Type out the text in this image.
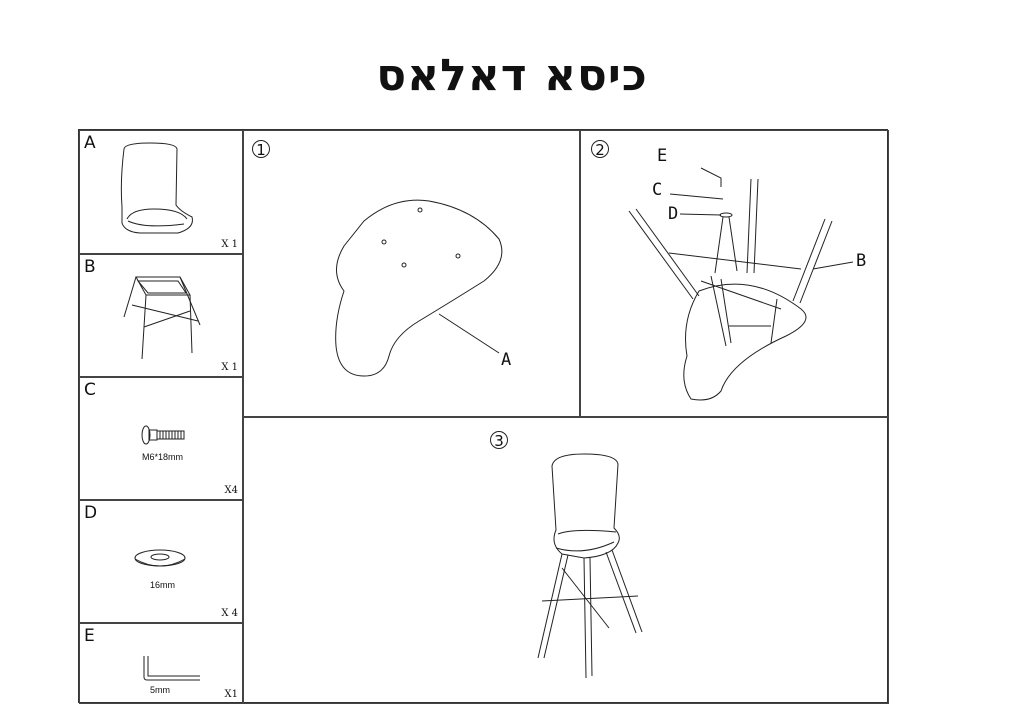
כיסא דאלאס
A
X 1
B
X 1
C
M6*18mm
X4
D
16mm
X 4
E
5mm	X1
1
A
2	E
C
D
B
3
